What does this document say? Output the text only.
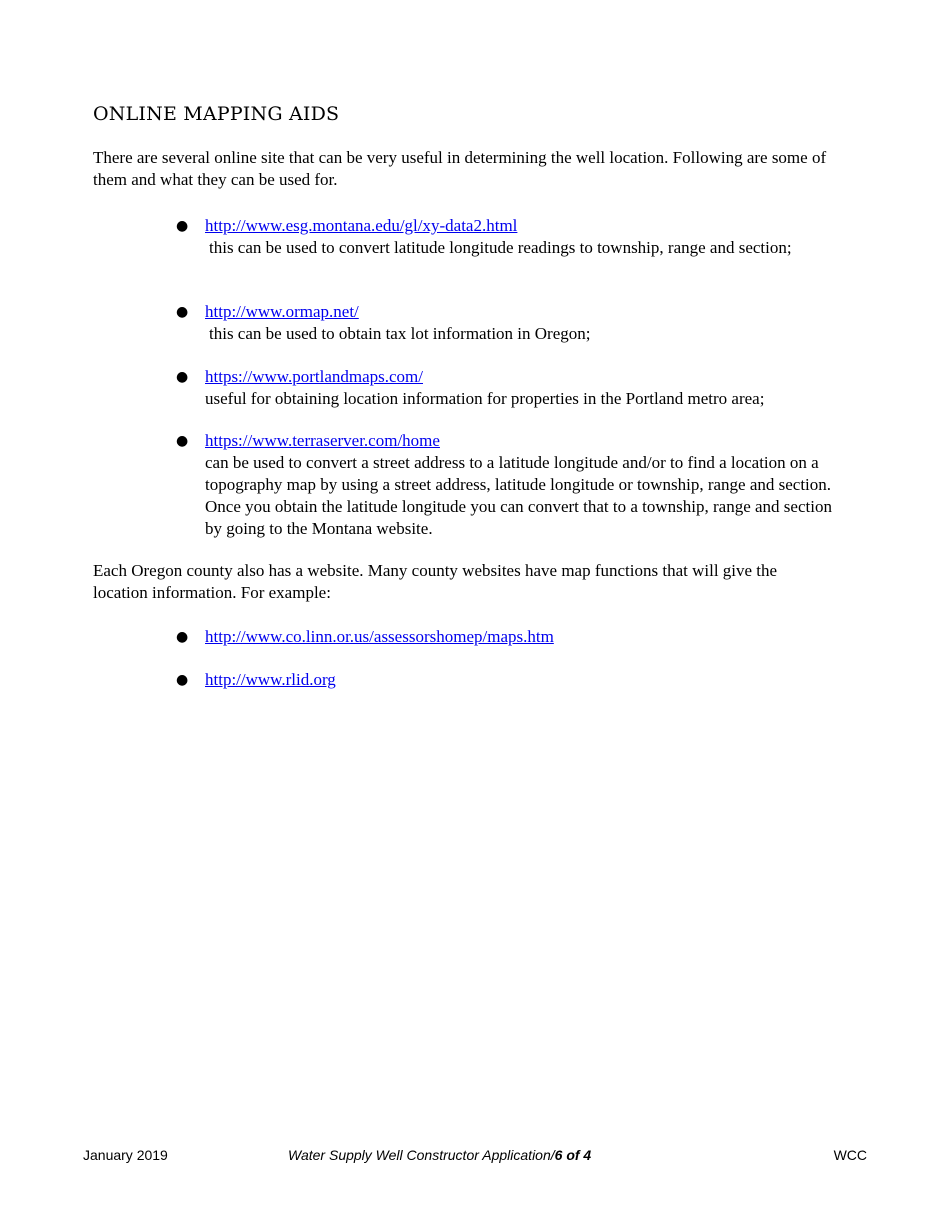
ONLINE MAPPING AIDS

There are several online site that can be very useful in determining the well location. Following are some of them and what they can be used for.

● http://www.esg.montana.edu/gl/xy-data2.html
this can be used to convert latitude longitude readings to township, range and section;
● http://www.ormap.net/
this can be used to obtain tax lot information in Oregon;
● https://www.portlandmaps.com/
useful for obtaining location information for properties in the Portland metro area;
● https://www.terraserver.com/home
can be used to convert a street address to a latitude longitude and/or to find a location on a topography map by using a street address, latitude longitude or township, range and section. Once you obtain the latitude longitude you can convert that to a township, range and section by going to the Montana website.

Each Oregon county also has a website. Many county websites have map functions that will give the location information. For example:

● http://www.co.linn.or.us/assessorshomep/maps.htm
● http://www.rlid.org
January 2019	Water Supply Well Constructor Application/6 of 4	WCC
